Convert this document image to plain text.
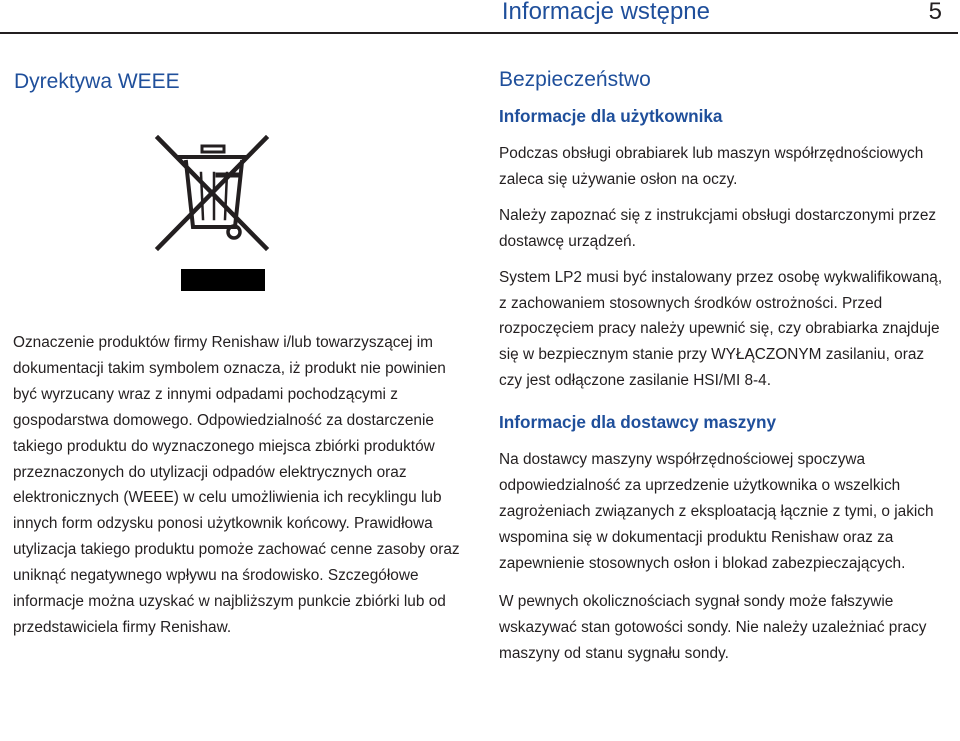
Informacje wstępne	5
Dyrektywa WEEE
Oznaczenie produktów firmy Renishaw i/lub towarzyszącej im dokumentacji takim symbolem oznacza, iż produkt nie powinien być wyrzucany wraz z innymi odpadami pochodzącymi z gospodarstwa domowego. Odpowiedzialność za dostarczenie takiego produktu do wyznaczonego miejsca zbiórki produktów przeznaczonych do utylizacji odpadów elektrycznych oraz elektronicznych (WEEE) w celu umożliwienia ich recyklingu lub innych form odzysku ponosi użytkownik końcowy. Prawidłowa utylizacja takiego produktu pomoże zachować cenne zasoby oraz uniknąć negatywnego wpływu na środowisko. Szczegółowe informacje można uzyskać w najbliższym punkcie zbiórki lub od przedstawiciela firmy Renishaw.
Bezpieczeństwo
Informacje dla użytkownika

Podczas obsługi obrabiarek lub maszyn współrzędnościowych zaleca się używanie osłon na oczy.

Należy zapoznać się z instrukcjami obsługi dostarczonymi przez dostawcę urządzeń.

System LP2 musi być instalowany przez osobę wykwalifikowaną, z zachowaniem stosownych środków ostrożności. Przed rozpoczęciem pracy należy upewnić się, czy obrabiarka znajduje się w bezpiecznym stanie przy WYŁĄCZONYM zasilaniu, oraz czy jest odłączone zasilanie HSI/MI 8-4.

Informacje dla dostawcy maszyny

Na dostawcy maszyny współrzędnościowej spoczywa odpowiedzialność za uprzedzenie użytkownika o wszelkich zagrożeniach związanych z eksploatacją łącznie z tymi, o jakich wspomina się w dokumentacji produktu Renishaw oraz za zapewnienie stosownych osłon i blokad zabezpieczających.

W pewnych okolicznościach sygnał sondy może fałszywie wskazywać stan gotowości sondy. Nie należy uzależniać pracy maszyny od stanu sygnału sondy.
